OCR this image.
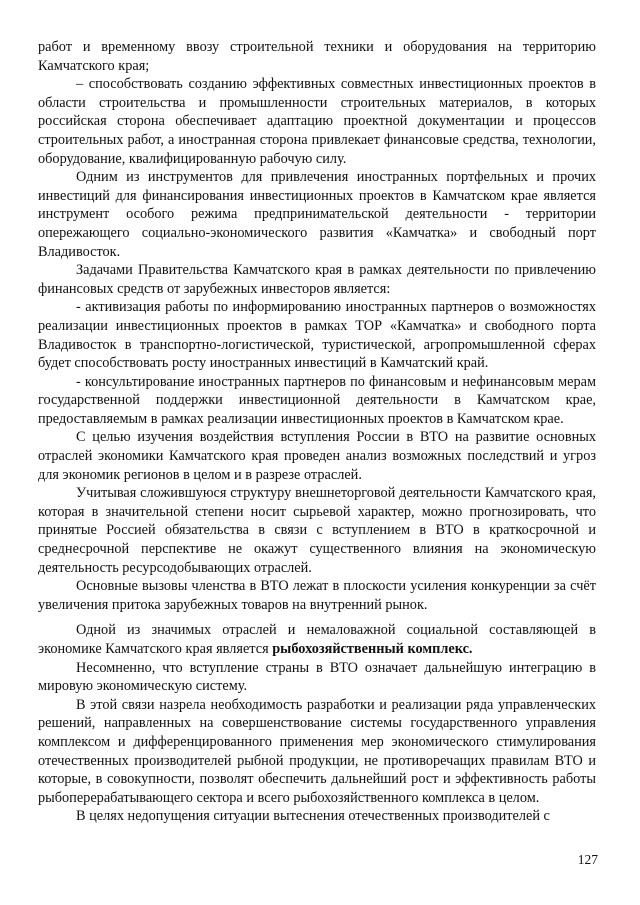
работ и временному ввозу строительной техники и оборудования на территорию Камчатского края;

– способствовать созданию эффективных совместных инвестиционных проектов в области строительства и промышленности строительных материалов, в которых российская сторона обеспечивает адаптацию проектной документации и процессов строительных работ, а иностранная сторона привлекает финансовые средства, технологии, оборудование, квалифицированную рабочую силу.

Одним из инструментов для привлечения иностранных портфельных и прочих инвестиций для финансирования инвестиционных проектов в Камчатском крае является инструмент особого режима предпринимательской деятельности - территории опережающего социально-экономического развития «Камчатка» и свободный порт Владивосток.

Задачами Правительства Камчатского края в рамках деятельности по привлечению финансовых средств от зарубежных инвесторов является:

- активизация работы по информированию иностранных партнеров о возможностях реализации инвестиционных проектов в рамках ТОР «Камчатка» и свободного порта Владивосток в транспортно-логистической, туристической, агропромышленной сферах будет способствовать росту иностранных инвестиций в Камчатский край.

- консультирование иностранных партнеров по финансовым и нефинансовым мерам государственной поддержки инвестиционной деятельности в Камчатском крае, предоставляемым в рамках реализации инвестиционных проектов в Камчатском крае.

С целью изучения воздействия вступления России в ВТО на развитие основных отраслей экономики Камчатского края проведен анализ возможных последствий и угроз для экономик регионов в целом и в разрезе отраслей.

Учитывая сложившуюся структуру внешнеторговой деятельности Камчатского края, которая в значительной степени носит сырьевой характер, можно прогнозировать, что принятые Россией обязательства в связи с вступлением в ВТО в краткосрочной и среднесрочной перспективе не окажут существенного влияния на экономическую деятельность ресурсодобывающих отраслей.

Основные вызовы членства в ВТО лежат в плоскости усиления конкуренции за счёт увеличения притока зарубежных товаров на внутренний рынок.

Одной из значимых отраслей и немаловажной социальной составляющей в экономике Камчатского края является рыбохозяйственный комплекс.

Несомненно, что вступление страны в ВТО означает дальнейшую интеграцию в мировую экономическую систему.

В этой связи назрела необходимость разработки и реализации ряда управленческих решений, направленных на совершенствование системы государственного управления комплексом и дифференцированного применения мер экономического стимулирования отечественных производителей рыбной продукции, не противоречащих правилам ВТО и которые, в совокупности, позволят обеспечить дальнейший рост и эффективность работы рыбоперерабатывающего сектора и всего рыбохозяйственного комплекса в целом.

В целях недопущения ситуации вытеснения отечественных производителей с

127
